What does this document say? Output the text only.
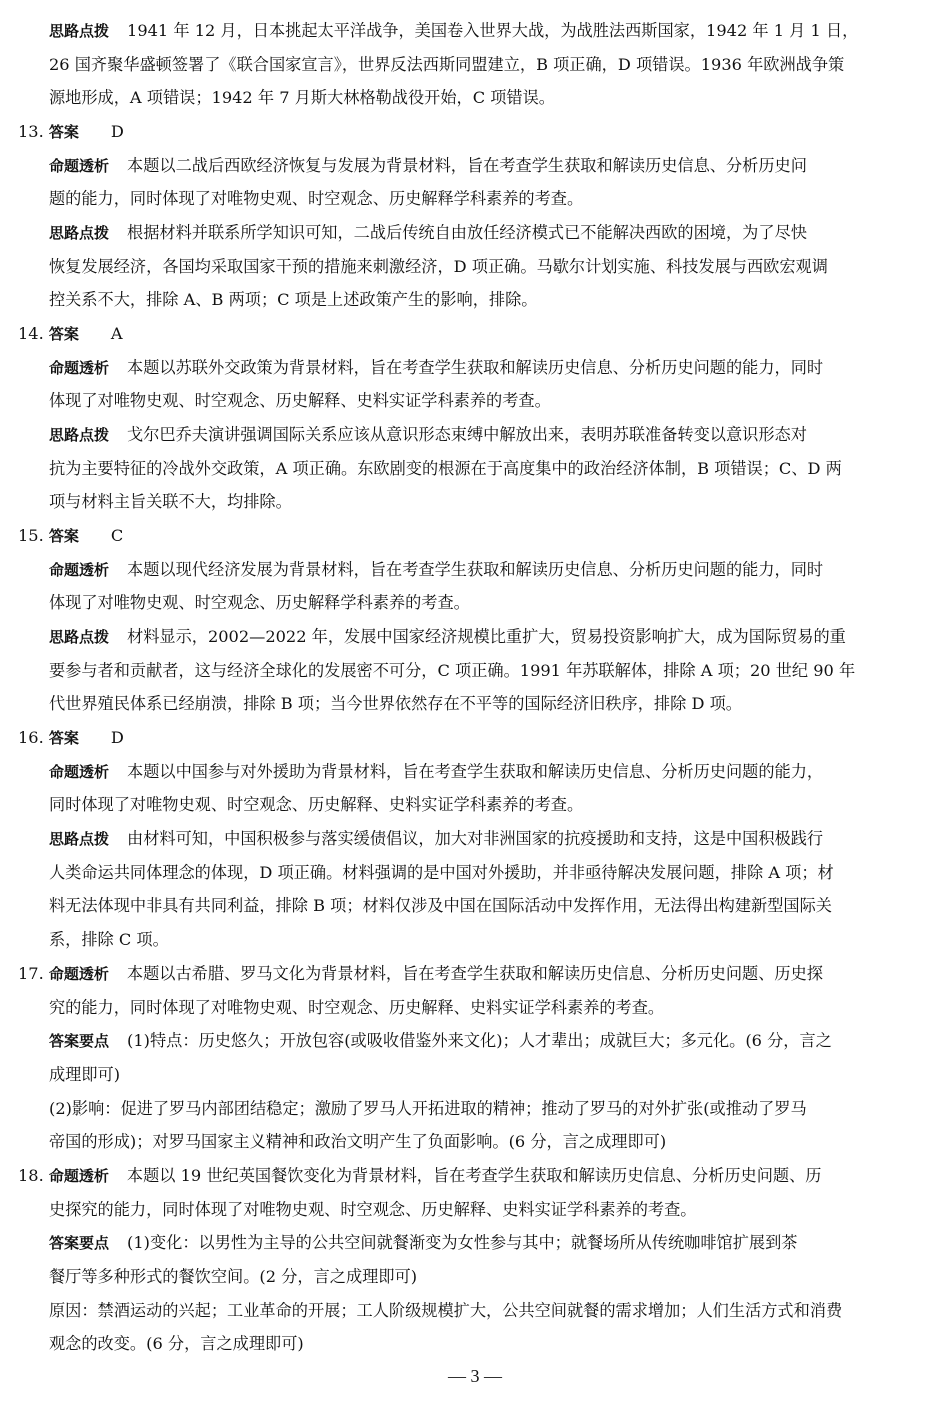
思路点拨 1941 年 12 月，日本挑起太平洋战争，美国卷入世界大战，为战胜法西斯国家，1942 年 1 月 1 日，
26 国齐聚华盛顿签署了《联合国家宣言》，世界反法西斯同盟建立，B 项正确，D 项错误。1936 年欧洲战争策
源地形成，A 项错误；1942 年 7 月斯大林格勒战役开始，C 项错误。
13. 答案 D
命题透析 本题以二战后西欧经济恢复与发展为背景材料，旨在考查学生获取和解读历史信息、分析历史问
题的能力，同时体现了对唯物史观、时空观念、历史解释学科素养的考查。
思路点拨 根据材料并联系所学知识可知，二战后传统自由放任经济模式已不能解决西欧的困境，为了尽快
恢复发展经济，各国均采取国家干预的措施来刺激经济，D 项正确。马歇尔计划实施、科技发展与西欧宏观调
控关系不大，排除 A、B 两项；C 项是上述政策产生的影响，排除。
14. 答案 A
命题透析 本题以苏联外交政策为背景材料，旨在考查学生获取和解读历史信息、分析历史问题的能力，同时
体现了对唯物史观、时空观念、历史解释、史料实证学科素养的考查。
思路点拨 戈尔巴乔夫演讲强调国际关系应该从意识形态束缚中解放出来，表明苏联准备转变以意识形态对
抗为主要特征的冷战外交政策，A 项正确。东欧剧变的根源在于高度集中的政治经济体制，B 项错误；C、D 两
项与材料主旨关联不大，均排除。
15. 答案 C
命题透析 本题以现代经济发展为背景材料，旨在考查学生获取和解读历史信息、分析历史问题的能力，同时
体现了对唯物史观、时空观念、历史解释学科素养的考查。
思路点拨 材料显示，2002—2022 年，发展中国家经济规模比重扩大，贸易投资影响扩大，成为国际贸易的重
要参与者和贡献者，这与经济全球化的发展密不可分，C 项正确。1991 年苏联解体，排除 A 项；20 世纪 90 年
代世界殖民体系已经崩溃，排除 B 项；当今世界依然存在不平等的国际经济旧秩序，排除 D 项。
16. 答案 D
命题透析 本题以中国参与对外援助为背景材料，旨在考查学生获取和解读历史信息、分析历史问题的能力，
同时体现了对唯物史观、时空观念、历史解释、史料实证学科素养的考查。
思路点拨 由材料可知，中国积极参与落实缓债倡议，加大对非洲国家的抗疫援助和支持，这是中国积极践行
人类命运共同体理念的体现，D 项正确。材料强调的是中国对外援助，并非亟待解决发展问题，排除 A 项；材
料无法体现中非具有共同利益，排除 B 项；材料仅涉及中国在国际活动中发挥作用，无法得出构建新型国际关
系，排除 C 项。
17. 命题透析 本题以古希腊、罗马文化为背景材料，旨在考查学生获取和解读历史信息、分析历史问题、历史探
究的能力，同时体现了对唯物史观、时空观念、历史解释、史料实证学科素养的考查。
答案要点 (1)特点：历史悠久；开放包容(或吸收借鉴外来文化)；人才辈出；成就巨大；多元化。(6 分，言之
成理即可)
(2)影响：促进了罗马内部团结稳定；激励了罗马人开拓进取的精神；推动了罗马的对外扩张(或推动了罗马
帝国的形成)；对罗马国家主义精神和政治文明产生了负面影响。(6 分，言之成理即可)
18. 命题透析 本题以 19 世纪英国餐饮变化为背景材料，旨在考查学生获取和解读历史信息、分析历史问题、历
史探究的能力，同时体现了对唯物史观、时空观念、历史解释、史料实证学科素养的考查。
答案要点 (1)变化：以男性为主导的公共空间就餐渐变为女性参与其中；就餐场所从传统咖啡馆扩展到茶
餐厅等多种形式的餐饮空间。(2 分，言之成理即可)
原因：禁酒运动的兴起；工业革命的开展；工人阶级规模扩大，公共空间就餐的需求增加；人们生活方式和消费
观念的改变。(6 分，言之成理即可)
— 3 —
